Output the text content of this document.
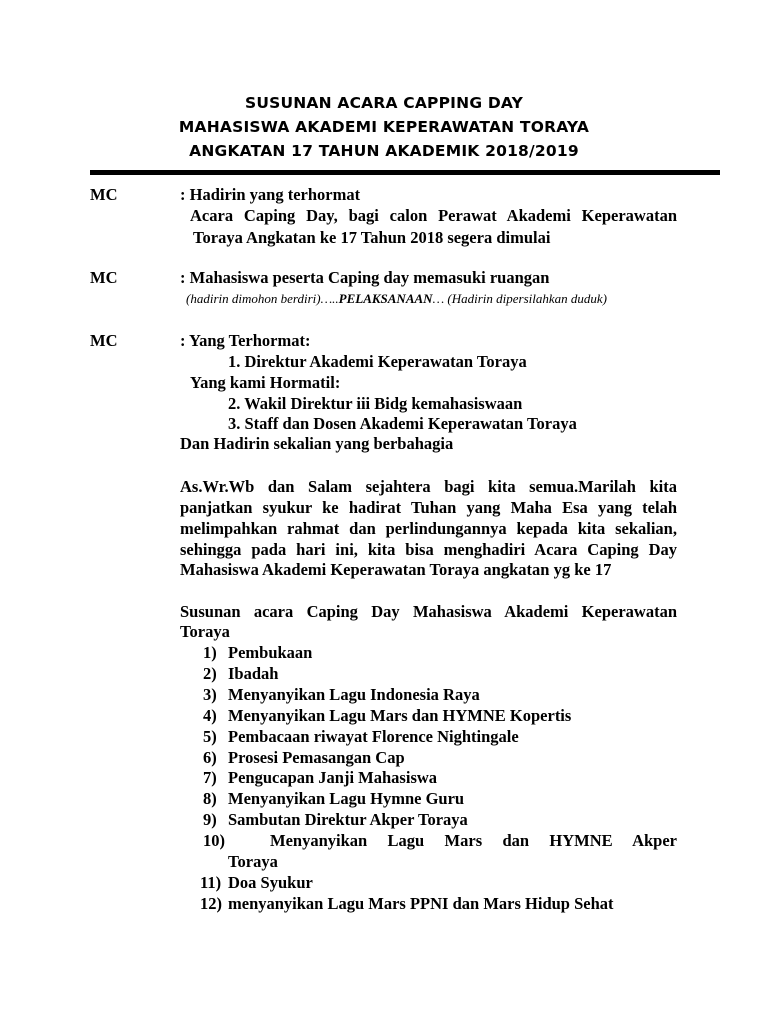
SUSUNAN ACARA CAPPING DAY
MAHASISWA AKADEMI KEPERAWATAN TORAYA
ANGKATAN 17 TAHUN AKADEMIK 2018/2019
MC	: Hadirin yang terhormat
Acara Caping Day, bagi calon Perawat Akademi Keperawatan
Toraya Angkatan ke 17 Tahun 2018 segera dimulai
MC	: Mahasiswa peserta Caping day memasuki ruangan
(hadirin dimohon berdiri)…..PELAKSANAAN… (Hadirin dipersilahkan duduk)
MC	: Yang Terhormat:
1. Direktur Akademi Keperawatan Toraya
Yang kami Hormatil:
2. Wakil Direktur iii Bidg kemahasiswaan
3. Staff dan Dosen Akademi Keperawatan Toraya
Dan Hadirin sekalian yang berbahagia
As.Wr.Wb dan Salam sejahtera bagi kita semua.Marilah kita
panjatkan syukur ke hadirat Tuhan yang Maha Esa yang telah
melimpahkan rahmat dan perlindungannya kepada kita sekalian,
sehingga pada hari ini, kita bisa menghadiri Acara Caping Day
Mahasiswa Akademi Keperawatan Toraya angkatan yg ke 17
Susunan acara Caping Day Mahasiswa Akademi Keperawatan
Toraya
1) Pembukaan
2) Ibadah
3) Menyanyikan Lagu Indonesia Raya
4) Menyanyikan Lagu Mars dan HYMNE Kopertis
5) Pembacaan riwayat Florence Nightingale
6) Prosesi Pemasangan Cap
7) Pengucapan Janji Mahasiswa
8) Menyanyikan Lagu Hymne Guru
9) Sambutan Direktur Akper Toraya
10)	Menyanyikan Lagu Mars dan HYMNE Akper
Toraya
11) Doa Syukur
12) menyanyikan Lagu Mars PPNI dan Mars Hidup Sehat
